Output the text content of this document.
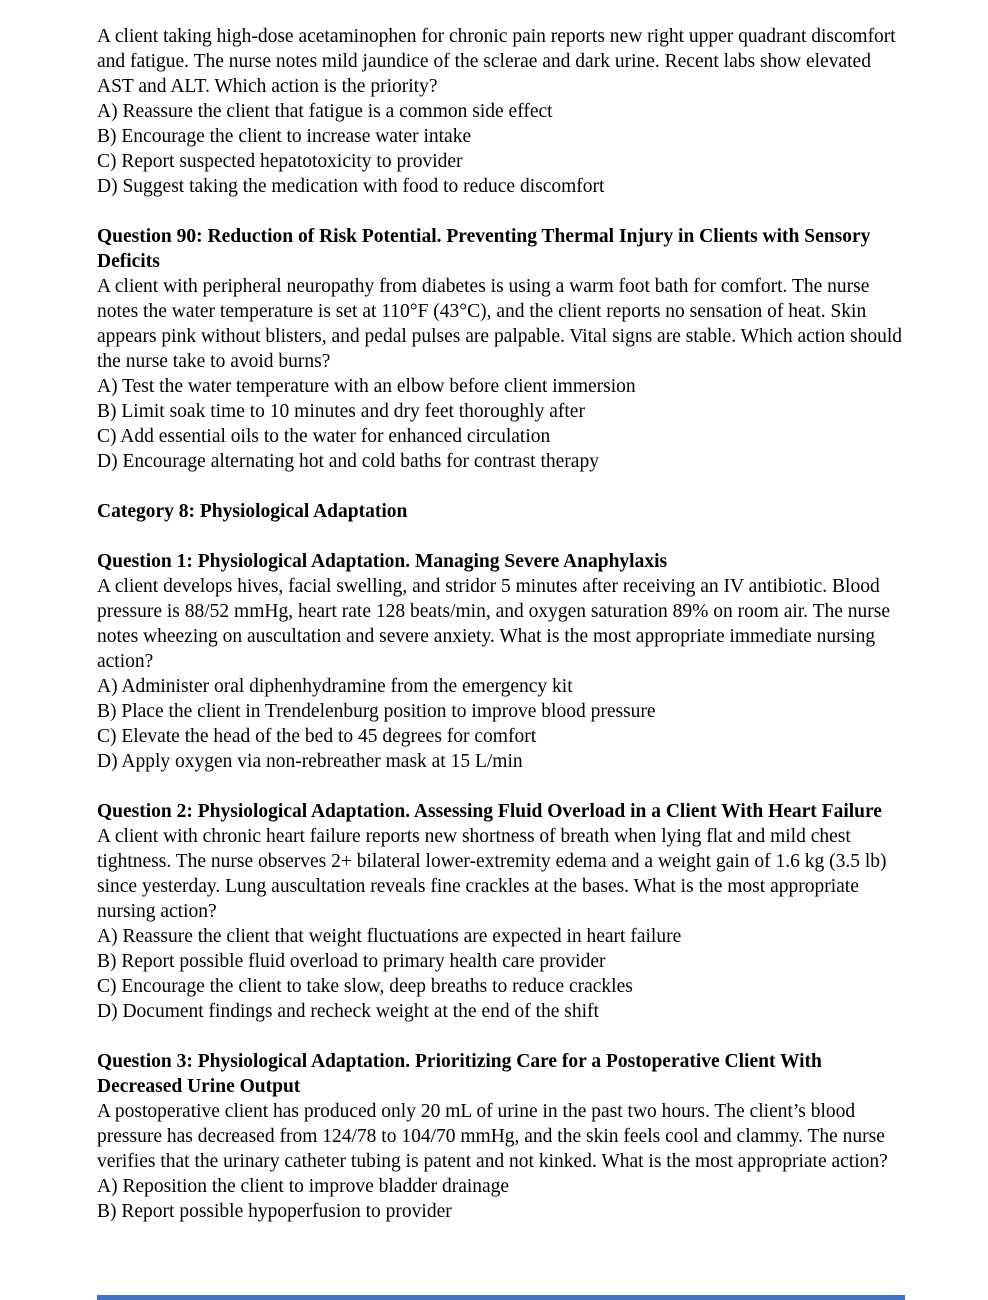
A client taking high-dose acetaminophen for chronic pain reports new right upper quadrant discomfort and fatigue. The nurse notes mild jaundice of the sclerae and dark urine. Recent labs show elevated AST and ALT. Which action is the priority?
A) Reassure the client that fatigue is a common side effect
B) Encourage the client to increase water intake
C) Report suspected hepatotoxicity to provider
D) Suggest taking the medication with food to reduce discomfort
Question 90: Reduction of Risk Potential. Preventing Thermal Injury in Clients with Sensory Deficits
A client with peripheral neuropathy from diabetes is using a warm foot bath for comfort. The nurse notes the water temperature is set at 110°F (43°C), and the client reports no sensation of heat. Skin appears pink without blisters, and pedal pulses are palpable. Vital signs are stable. Which action should the nurse take to avoid burns?
A) Test the water temperature with an elbow before client immersion
B) Limit soak time to 10 minutes and dry feet thoroughly after
C) Add essential oils to the water for enhanced circulation
D) Encourage alternating hot and cold baths for contrast therapy
Category 8: Physiological Adaptation
Question 1: Physiological Adaptation. Managing Severe Anaphylaxis
A client develops hives, facial swelling, and stridor 5 minutes after receiving an IV antibiotic. Blood pressure is 88/52 mmHg, heart rate 128 beats/min, and oxygen saturation 89% on room air. The nurse notes wheezing on auscultation and severe anxiety. What is the most appropriate immediate nursing action?
A) Administer oral diphenhydramine from the emergency kit
B) Place the client in Trendelenburg position to improve blood pressure
C) Elevate the head of the bed to 45 degrees for comfort
D) Apply oxygen via non-rebreather mask at 15 L/min
Question 2: Physiological Adaptation. Assessing Fluid Overload in a Client With Heart Failure
A client with chronic heart failure reports new shortness of breath when lying flat and mild chest tightness. The nurse observes 2+ bilateral lower-extremity edema and a weight gain of 1.6 kg (3.5 lb) since yesterday. Lung auscultation reveals fine crackles at the bases. What is the most appropriate nursing action?
A) Reassure the client that weight fluctuations are expected in heart failure
B) Report possible fluid overload to primary health care provider
C) Encourage the client to take slow, deep breaths to reduce crackles
D) Document findings and recheck weight at the end of the shift
Question 3: Physiological Adaptation. Prioritizing Care for a Postoperative Client With Decreased Urine Output
A postoperative client has produced only 20 mL of urine in the past two hours. The client’s blood pressure has decreased from 124/78 to 104/70 mmHg, and the skin feels cool and clammy. The nurse verifies that the urinary catheter tubing is patent and not kinked. What is the most appropriate action?
A) Reposition the client to improve bladder drainage
B) Report possible hypoperfusion to provider
